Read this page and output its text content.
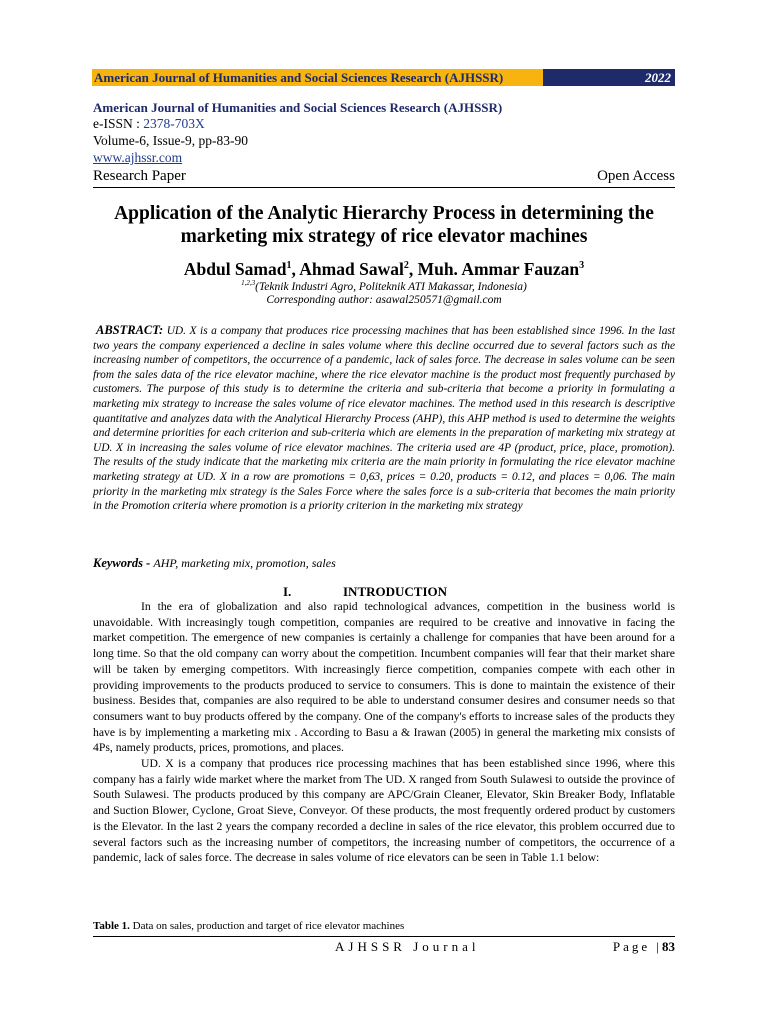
American Journal of Humanities and Social Sciences Research (AJHSSR)	2022
American Journal of Humanities and Social Sciences Research (AJHSSR)
e-ISSN : 2378-703X
Volume-6, Issue-9, pp-83-90
www.ajhssr.com
Research Paper	Open Access
Application of the Analytic Hierarchy Process in determining the marketing mix strategy of rice elevator machines
Abdul Samad$^1$, Ahmad Sawal$^2$, Muh. Ammar Fauzan$^3$
$^{1,2,3}$(Teknik Industri Agro, Politeknik ATI Makassar, Indonesia)
Corresponding author: asawal250571@gmail.com
ABSTRACT: UD. X is a company that produces rice processing machines that has been established since 1996. In the last two years the company experienced a decline in sales volume where this decline occurred due to several factors such as the increasing number of competitors, the occurrence of a pandemic, lack of sales force. The decrease in sales volume can be seen from the sales data of the rice elevator machine, where the rice elevator machine is the product most frequently purchased by customers. The purpose of this study is to determine the criteria and sub-criteria that become a priority in formulating a marketing mix strategy to increase the sales volume of rice elevator machines. The method used in this research is descriptive quantitative and analyzes data with the Analytical Hierarchy Process (AHP), this AHP method is used to determine the weights and determine priorities for each criterion and sub-criteria which are elements in the preparation of marketing mix strategy at UD. X in increasing the sales volume of rice elevator machines. The criteria used are 4P (product, price, place, promotion). The results of the study indicate that the marketing mix criteria are the main priority in formulating the rice elevator machine marketing strategy at UD. X in a row are promotions = 0,63, prices = 0.20, products = 0.12, and places = 0,06. The main priority in the marketing mix strategy is the Sales Force where the sales force is a sub-criteria that becomes the main priority in the Promotion criteria where promotion is a priority criterion in the marketing mix strategy
Keywords - AHP, marketing mix, promotion, sales
I.	INTRODUCTION

In the era of globalization and also rapid technological advances, competition in the business world is unavoidable. With increasingly tough competition, companies are required to be creative and innovative in facing the market competition. The emergence of new companies is certainly a challenge for companies that have been around for a long time. So that the old company can worry about the competition. Incumbent companies will fear that their market share will be taken by emerging competitors. With increasingly fierce competition, companies compete with each other in providing improvements to the products produced to service to consumers. This is done to maintain the existence of their business. Besides that, companies are also required to be able to understand consumer desires and consumer needs so that consumers want to buy products offered by the company. One of the company's efforts to increase sales of the products they have is by implementing a marketing mix . According to Basu a & Irawan (2005) in general the marketing mix consists of 4Ps, namely products, prices, promotions, and places.

UD. X is a company that produces rice processing machines that has been established since 1996, where this company has a fairly wide market where the market from The UD. X ranged from South Sulawesi to outside the province of South Sulawesi. The products produced by this company are APC/Grain Cleaner, Elevator, Skin Breaker Body, Inflatable and Suction Blower, Cyclone, Groat Sieve, Conveyor. Of these products, the most frequently ordered product by customers is the Elevator. In the last 2 years the company recorded a decline in sales of the rice elevator, this problem occurred due to several factors such as the increasing number of competitors, the increasing number of competitors, the occurrence of a pandemic, lack of sales force. The decrease in sales volume of rice elevators can be seen in Table 1.1 below:

Table 1. Data on sales, production and target of rice elevator machines
AJHSSR Journal	Page |83
